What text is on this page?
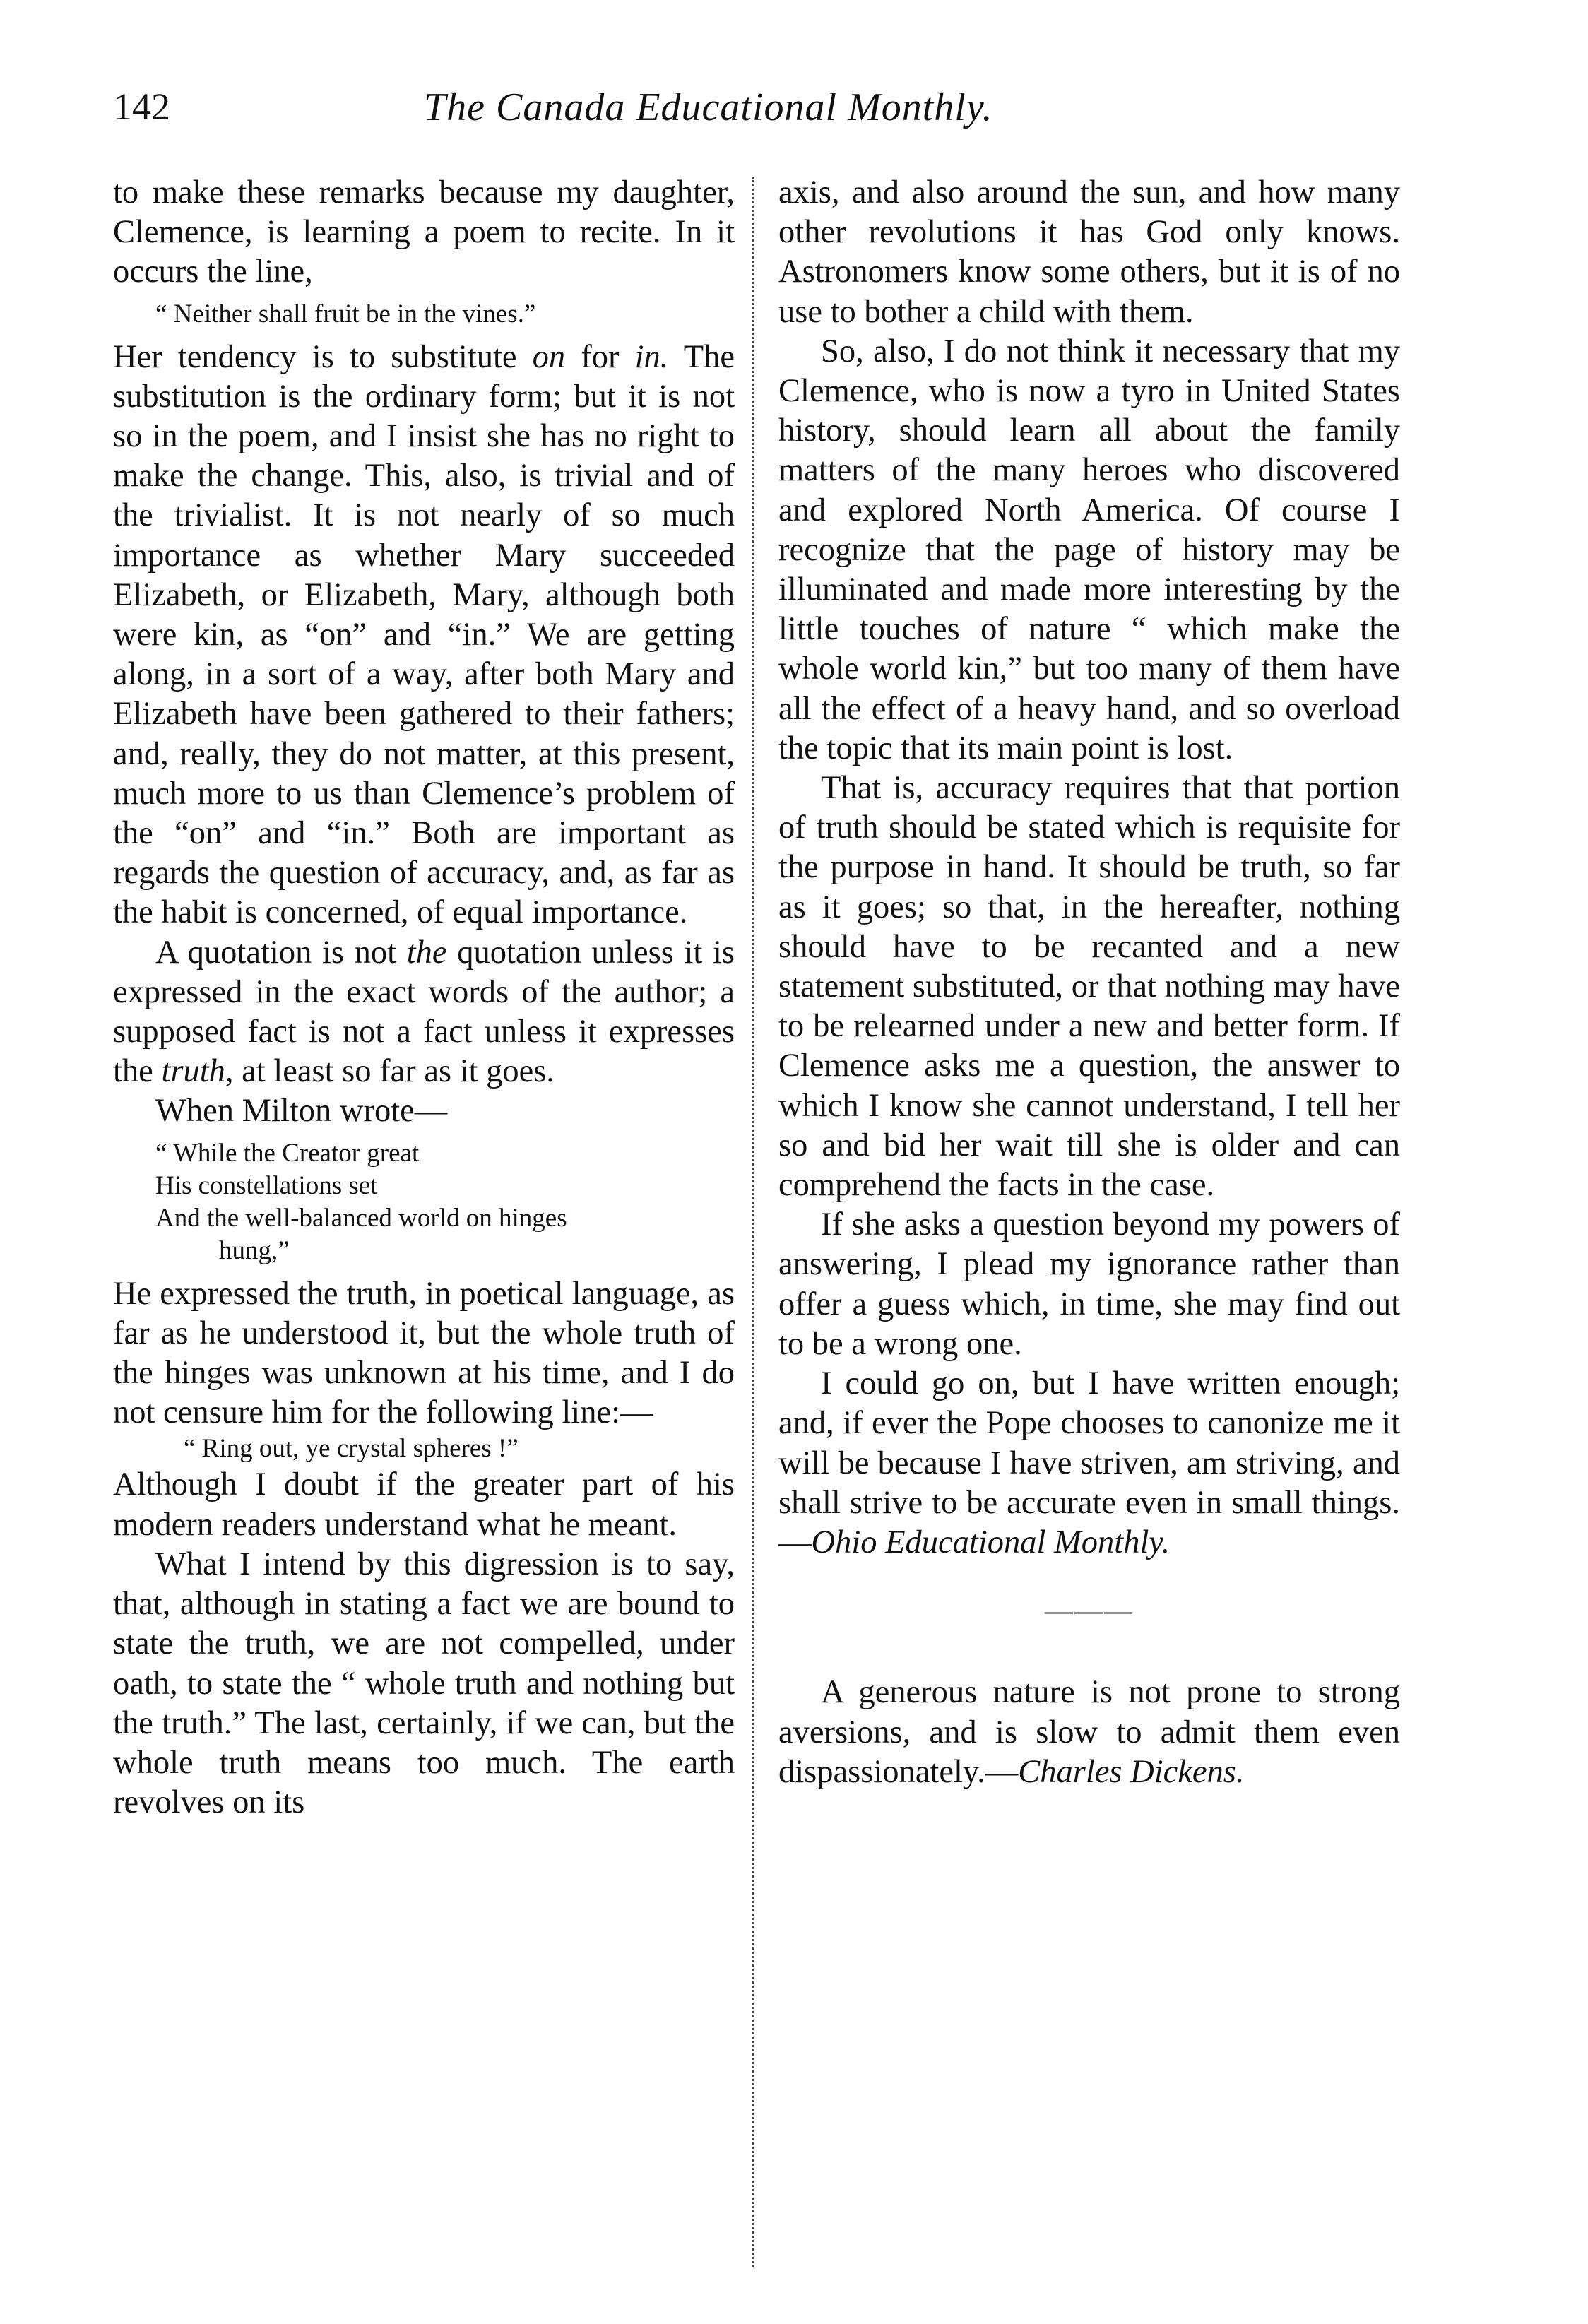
142	The Canada Educational Monthly.

to make these remarks because my daughter, Clemence, is learning a poem to recite. In it occurs the line,

“ Neither shall fruit be in the vines.”

Her tendency is to substitute on for in. The substitution is the ordinary form; but it is not so in the poem, and I insist she has no right to make the change. This, also, is trivial and of the trivialist. It is not nearly of so much importance as whether Mary succeeded Elizabeth, or Elizabeth, Mary, although both were kin, as “on” and “in.” We are getting along, in a sort of a way, after both Mary and Elizabeth have been gathered to their fathers; and, really, they do not matter, at this present, much more to us than Clemence’s problem of the “on” and “in.” Both are important as regards the question of accuracy, and, as far as the habit is concerned, of equal importance.

A quotation is not the quotation unless it is expressed in the exact words of the author; a supposed fact is not a fact unless it expresses the truth, at least so far as it goes.

When Milton wrote—

“ While the Creator great
His constellations set
And the well-balanced world on hinges
hung,”

He expressed the truth, in poetical language, as far as he understood it, but the whole truth of the hinges was unknown at his time, and I do not censure him for the following line:—

“ Ring out, ye crystal spheres !”

Although I doubt if the greater part of his modern readers understand what he meant.

What I intend by this digression is to say, that, although in stating a fact we are bound to state the truth, we are not compelled, under oath, to state the “ whole truth and nothing but the truth.” The last, certainly, if we can, but the whole truth means too much. The earth revolves on its

axis, and also around the sun, and how many other revolutions it has God only knows. Astronomers know some others, but it is of no use to bother a child with them.

So, also, I do not think it necessary that my Clemence, who is now a tyro in United States history, should learn all about the family matters of the many heroes who discovered and explored North America. Of course I recognize that the page of history may be illuminated and made more interesting by the little touches of nature “ which make the whole world kin,” but too many of them have all the effect of a heavy hand, and so overload the topic that its main point is lost.

That is, accuracy requires that that portion of truth should be stated which is requisite for the purpose in hand. It should be truth, so far as it goes; so that, in the hereafter, nothing should have to be recanted and a new statement substituted, or that nothing may have to be relearned under a new and better form. If Clemence asks me a question, the answer to which I know she cannot understand, I tell her so and bid her wait till she is older and can comprehend the facts in the case.

If she asks a question beyond my powers of answering, I plead my ignorance rather than offer a guess which, in time, she may find out to be a wrong one.

I could go on, but I have written enough; and, if ever the Pope chooses to canonize me it will be because I have striven, am striving, and shall strive to be accurate even in small things.—Ohio Educational Monthly.

———

A generous nature is not prone to strong aversions, and is slow to admit them even dispassionately.—Charles Dickens.
